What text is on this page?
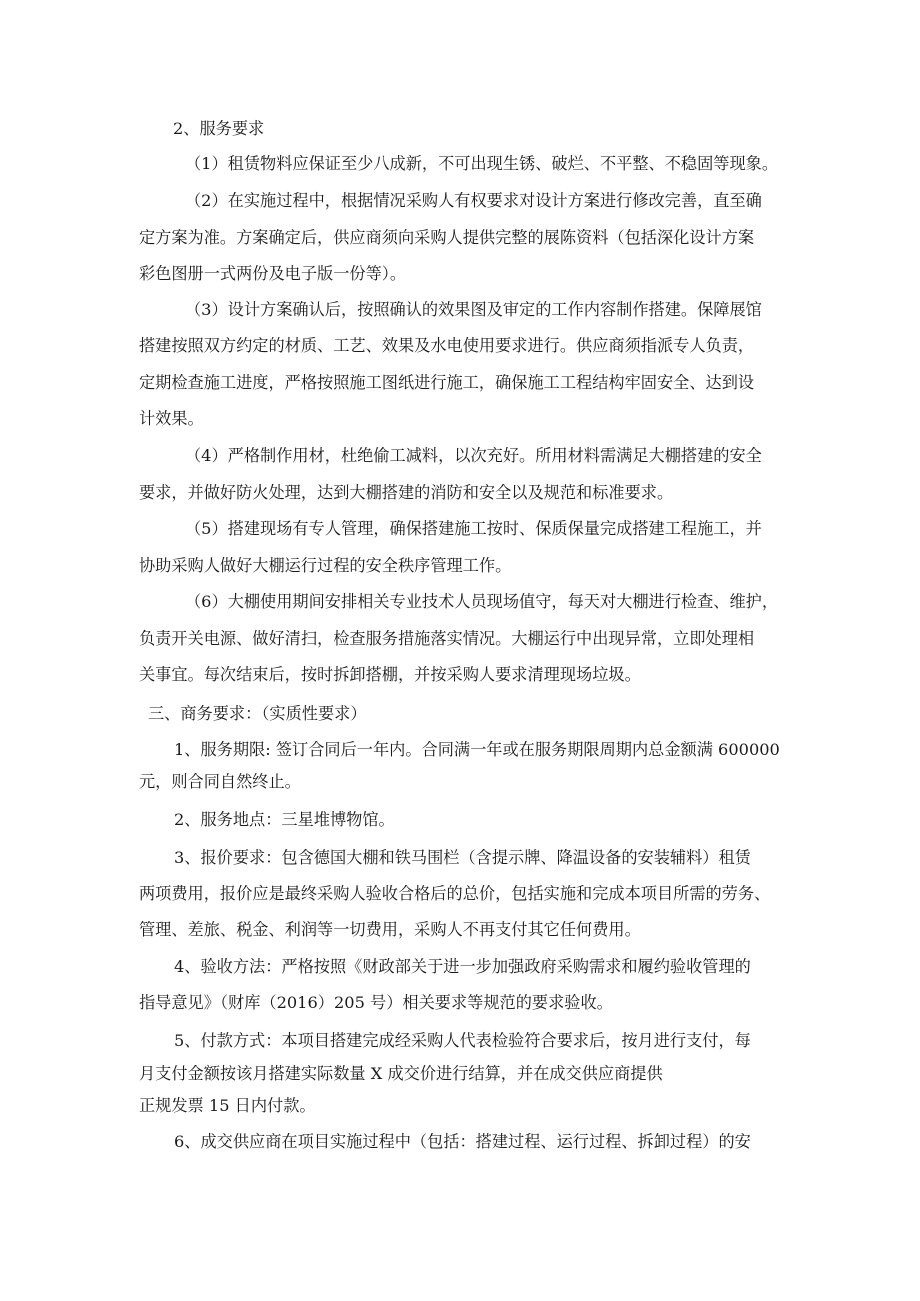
2、服务要求

（1）租赁物料应保证至少八成新，不可出现生锈、破烂、不平整、不稳固等现象。

（2）在实施过程中，根据情况采购人有权要求对设计方案进行修改完善，直至确

定方案为准。方案确定后，供应商须向采购人提供完整的展陈资料（包括深化设计方案

彩色图册一式两份及电子版一份等）。

（3）设计方案确认后，按照确认的效果图及审定的工作内容制作搭建。保障展馆

搭建按照双方约定的材质、工艺、效果及水电使用要求进行。供应商须指派专人负责，

定期检查施工进度，严格按照施工图纸进行施工，确保施工工程结构牢固安全、达到设

计效果。

（4）严格制作用材，杜绝偷工减料，以次充好。所用材料需满足大棚搭建的安全

要求，并做好防火处理，达到大棚搭建的消防和安全以及规范和标准要求。

（5）搭建现场有专人管理，确保搭建施工按时、保质保量完成搭建工程施工，并

协助采购人做好大棚运行过程的安全秩序管理工作。

（6）大棚使用期间安排相关专业技术人员现场值守，每天对大棚进行检查、维护，

负责开关电源、做好清扫，检查服务措施落实情况。大棚运行中出现异常，立即处理相

关事宜。每次结束后，按时拆卸搭棚，并按采购人要求清理现场垃圾。

三、商务要求：（实质性要求）

1、服务期限: 签订合同后一年内。合同满一年或在服务期限周期内总金额满 600000

元，则合同自然终止。

2、服务地点：三星堆博物馆。

3、报价要求：包含德国大棚和铁马围栏（含提示牌、降温设备的安装辅料）租赁

两项费用，报价应是最终采购人验收合格后的总价，包括实施和完成本项目所需的劳务、

管理、差旅、税金、利润等一切费用，采购人不再支付其它任何费用。

4、验收方法：严格按照《财政部关于进一步加强政府采购需求和履约验收管理的

指导意见》（财库（2016）205 号）相关要求等规范的要求验收。

5、付款方式：本项目搭建完成经采购人代表检验符合要求后，按月进行支付，每

月支付金额按该月搭建实际数量 X 成交价进行结算，并在成交供应商提供

正规发票 15 日内付款。

6、成交供应商在项目实施过程中（包括：搭建过程、运行过程、拆卸过程）的安
